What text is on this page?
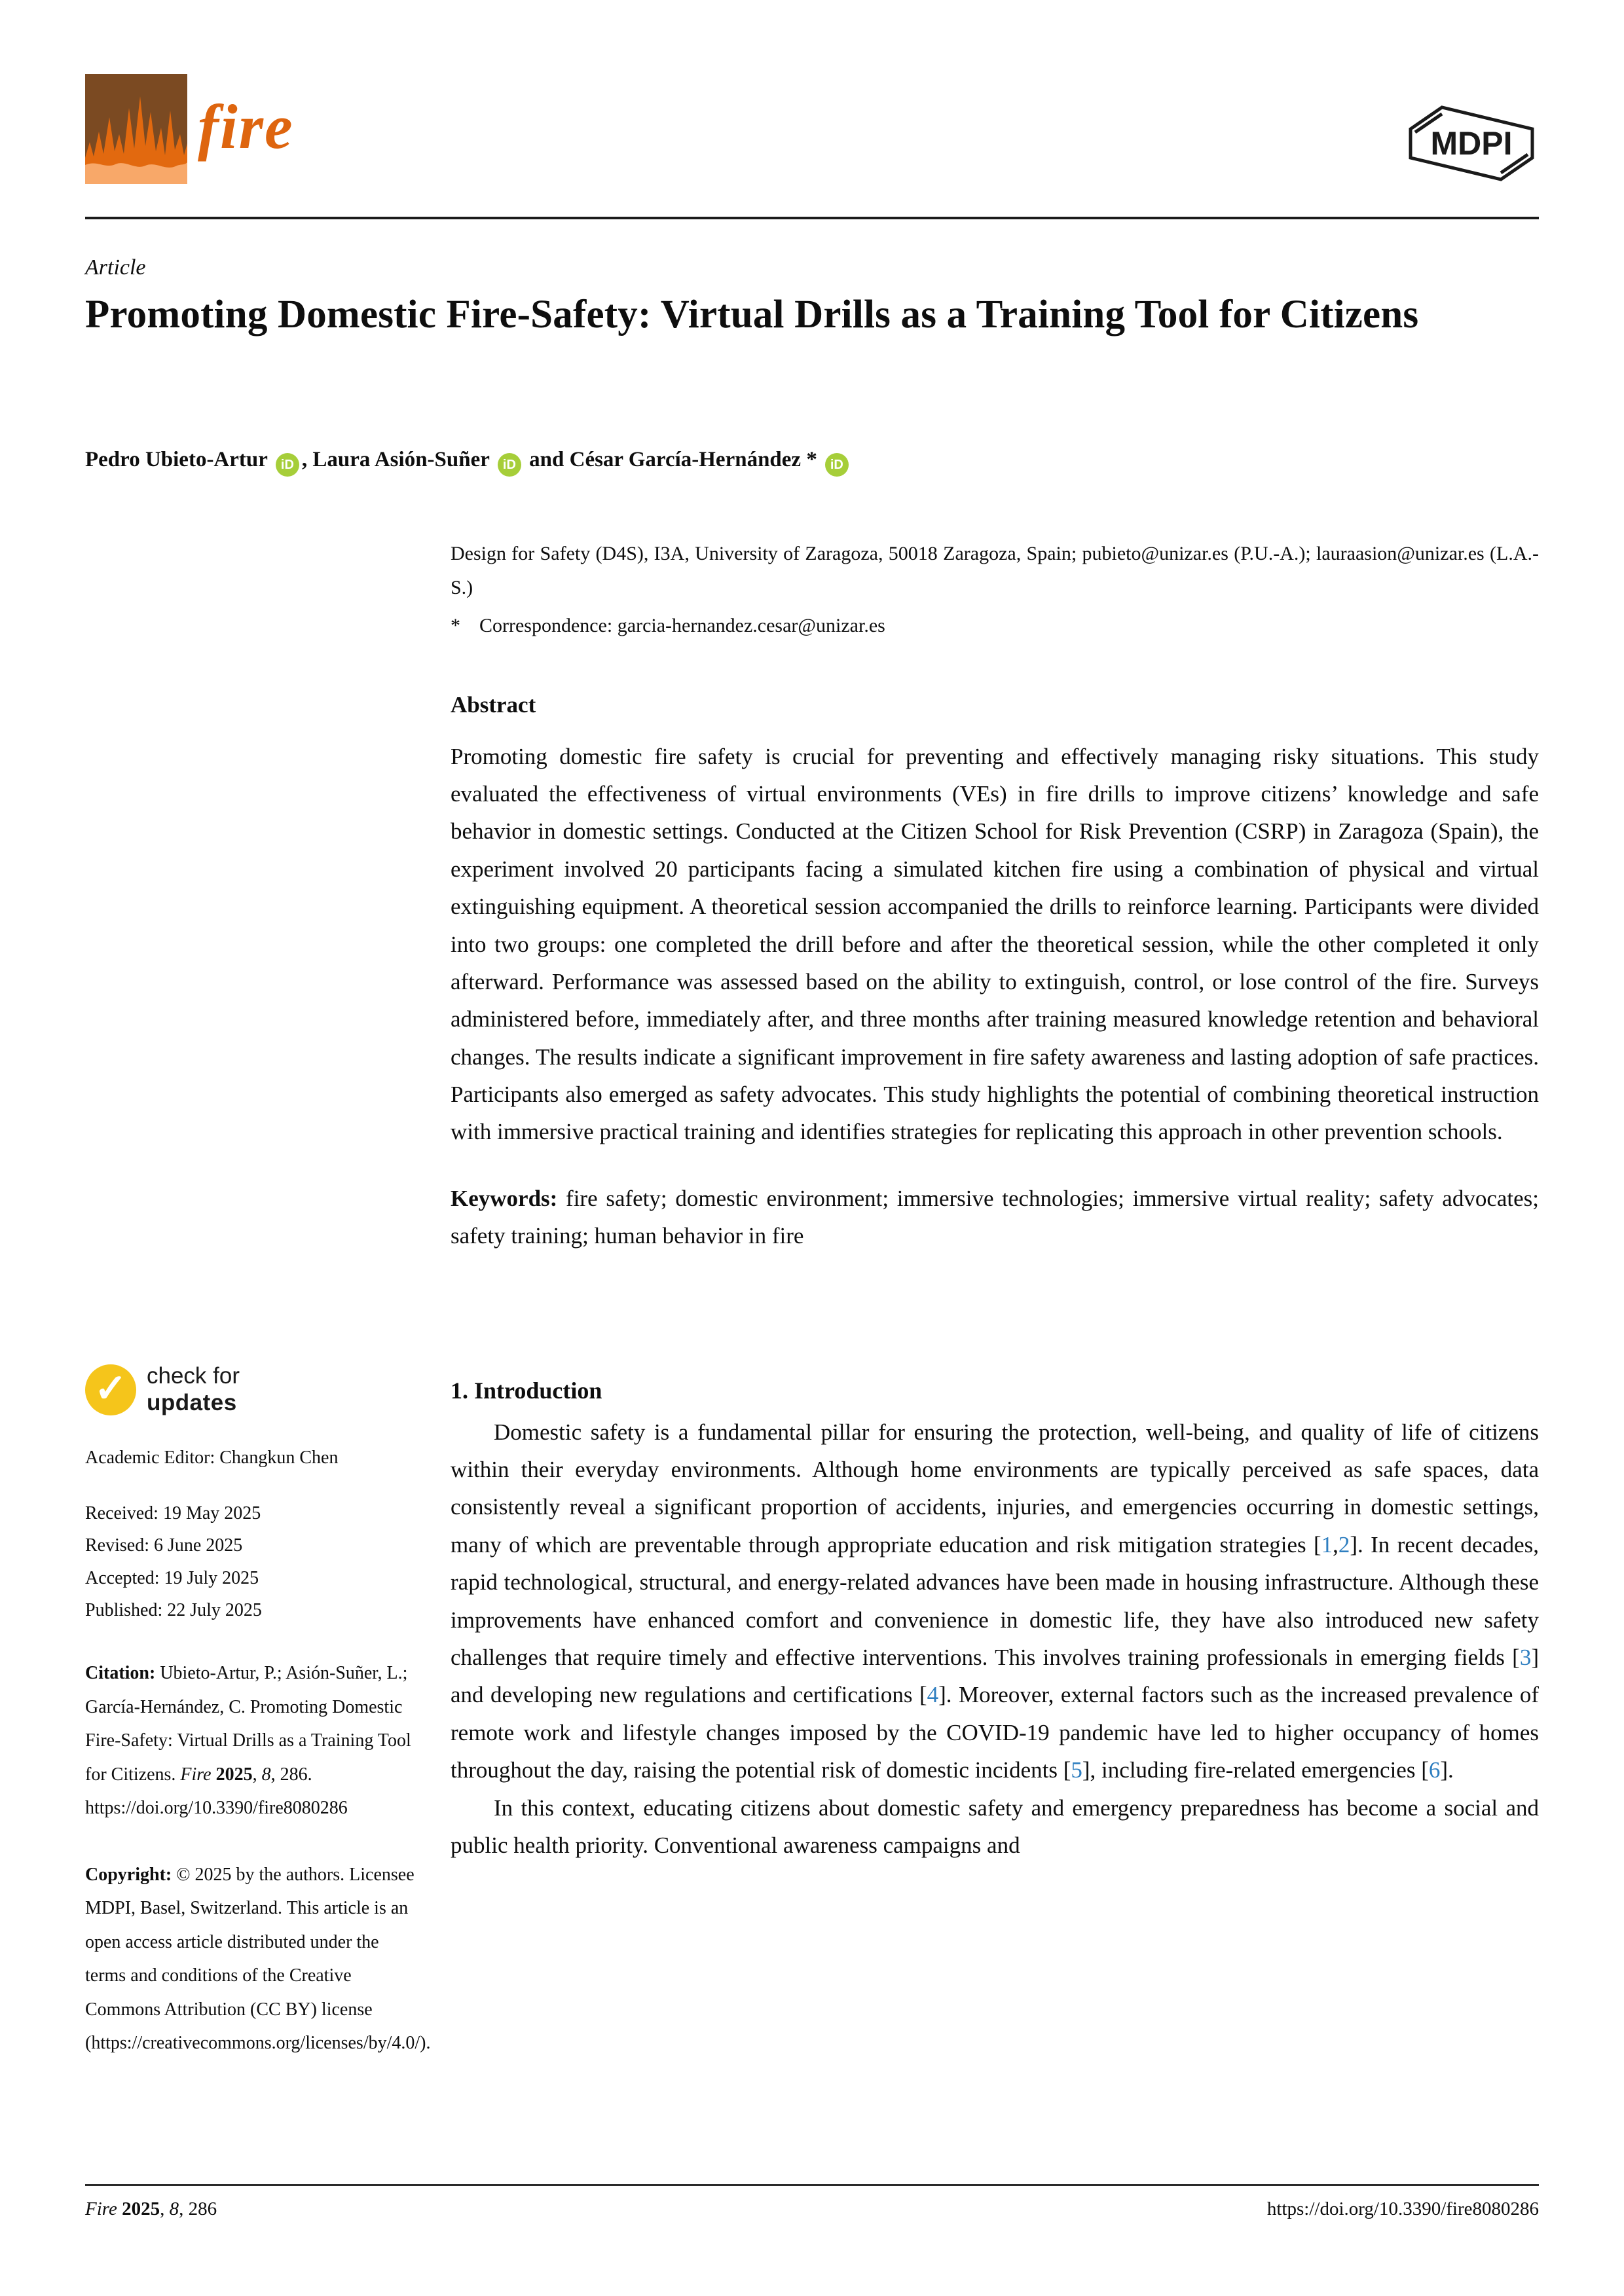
fire	MDPI
Article
Promoting Domestic Fire-Safety: Virtual Drills as a Training Tool for Citizens
Pedro Ubieto-Artur iD , Laura Asión-Suñer iD and César García-Hernández * iD
Design for Safety (D4S), I3A, University of Zaragoza, 50018 Zaragoza, Spain; pubieto@unizar.es (P.U.-A.); lauraasion@unizar.es (L.A.-S.)
* Correspondence: garcia-hernandez.cesar@unizar.es
Abstract
Promoting domestic fire safety is crucial for preventing and effectively managing risky situations. This study evaluated the effectiveness of virtual environments (VEs) in fire drills to improve citizens’ knowledge and safe behavior in domestic settings. Conducted at the Citizen School for Risk Prevention (CSRP) in Zaragoza (Spain), the experiment involved 20 participants facing a simulated kitchen fire using a combination of physical and virtual extinguishing equipment. A theoretical session accompanied the drills to reinforce learning. Participants were divided into two groups: one completed the drill before and after the theoretical session, while the other completed it only afterward. Performance was assessed based on the ability to extinguish, control, or lose control of the fire. Surveys administered before, immediately after, and three months after training measured knowledge retention and behavioral changes. The results indicate a significant improvement in fire safety awareness and lasting adoption of safe practices. Participants also emerged as safety advocates. This study highlights the potential of combining theoretical instruction with immersive practical training and identifies strategies for replicating this approach in other prevention schools.
Keywords: fire safety; domestic environment; immersive technologies; immersive virtual reality; safety advocates; safety training; human behavior in fire
1. Introduction

Domestic safety is a fundamental pillar for ensuring the protection, well-being, and quality of life of citizens within their everyday environments. Although home environments are typically perceived as safe spaces, data consistently reveal a significant proportion of accidents, injuries, and emergencies occurring in domestic settings, many of which are preventable through appropriate education and risk mitigation strategies [1,2]. In recent decades, rapid technological, structural, and energy-related advances have been made in housing infrastructure. Although these improvements have enhanced comfort and convenience in domestic life, they have also introduced new safety challenges that require timely and effective interventions. This involves training professionals in emerging fields [3] and developing new regulations and certifications [4]. Moreover, external factors such as the increased prevalence of remote work and lifestyle changes imposed by the COVID-19 pandemic have led to higher occupancy of homes throughout the day, raising the potential risk of domestic incidents [5], including fire-related emergencies [6].

In this context, educating citizens about domestic safety and emergency preparedness has become a social and public health priority. Conventional awareness campaigns and

✓ check for
updates
Academic Editor: Changkun Chen
Received: 19 May 2025
Revised: 6 June 2025
Accepted: 19 July 2025
Published: 22 July 2025
Citation: Ubieto-Artur, P.; Asión-Suñer, L.; García-Hernández, C. Promoting Domestic Fire-Safety: Virtual Drills as a Training Tool for Citizens. Fire 2025, 8, 286. https://doi.org/10.3390/fire8080286
Copyright: © 2025 by the authors. Licensee MDPI, Basel, Switzerland. This article is an open access article distributed under the terms and conditions of the Creative Commons Attribution (CC BY) license (https://creativecommons.org/licenses/by/4.0/).
Fire 2025, 8, 286	https://doi.org/10.3390/fire8080286
